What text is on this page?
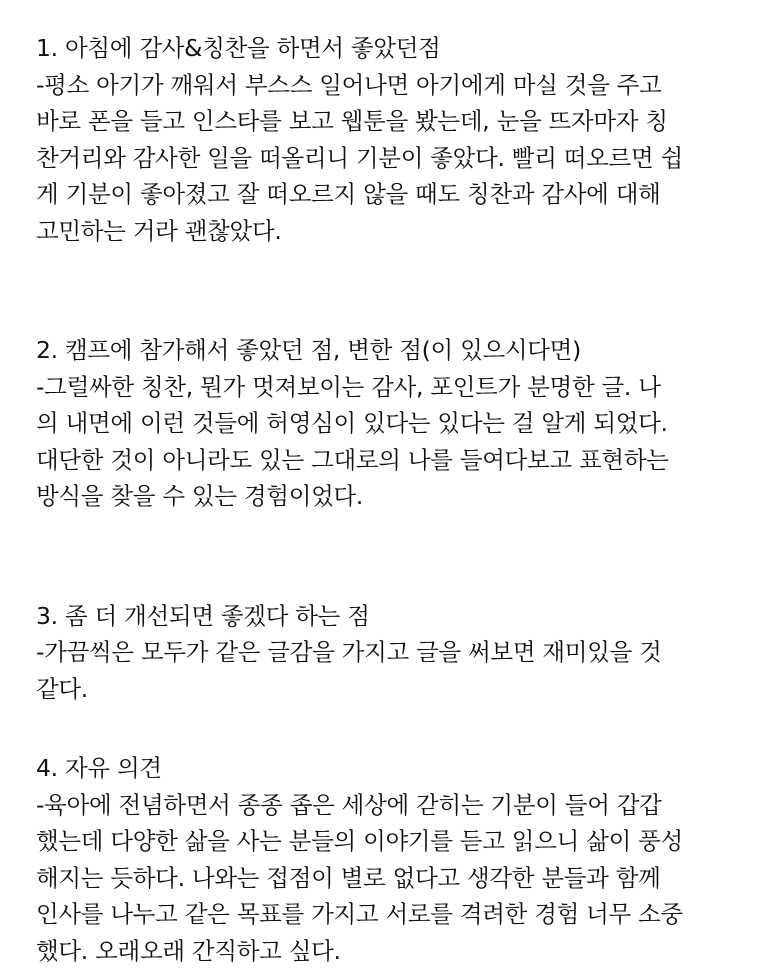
1. 아침에 감사&칭찬을 하면서 좋았던점
-평소 아기가 깨워서 부스스 일어나면 아기에게 마실 것을 주고
바로 폰을 들고 인스타를 보고 웹툰을 봤는데, 눈을 뜨자마자 칭
찬거리와 감사한 일을 떠올리니 기분이 좋았다. 빨리 떠오르면 쉽
게 기분이 좋아졌고 잘 떠오르지 않을 때도 칭찬과 감사에 대해
고민하는 거라 괜찮았다.
2. 캠프에 참가해서 좋았던 점, 변한 점(이 있으시다면)
-그럴싸한 칭찬, 뭔가 멋져보이는 감사, 포인트가 분명한 글. 나
의 내면에 이런 것들에 허영심이 있다는 있다는 걸 알게 되었다.
대단한 것이 아니라도 있는 그대로의 나를 들여다보고 표현하는
방식을 찾을 수 있는 경험이었다.
3. 좀 더 개선되면 좋겠다 하는 점
-가끔씩은 모두가 같은 글감을 가지고 글을 써보면 재미있을 것
같다.
4. 자유 의견
-육아에 전념하면서 종종 좁은 세상에 갇히는 기분이 들어 갑갑
했는데 다양한 삶을 사는 분들의 이야기를 듣고 읽으니 삶이 풍성
해지는 듯하다. 나와는 접점이 별로 없다고 생각한 분들과 함께
인사를 나누고 같은 목표를 가지고 서로를 격려한 경험 너무 소중
했다. 오래오래 간직하고 싶다.
